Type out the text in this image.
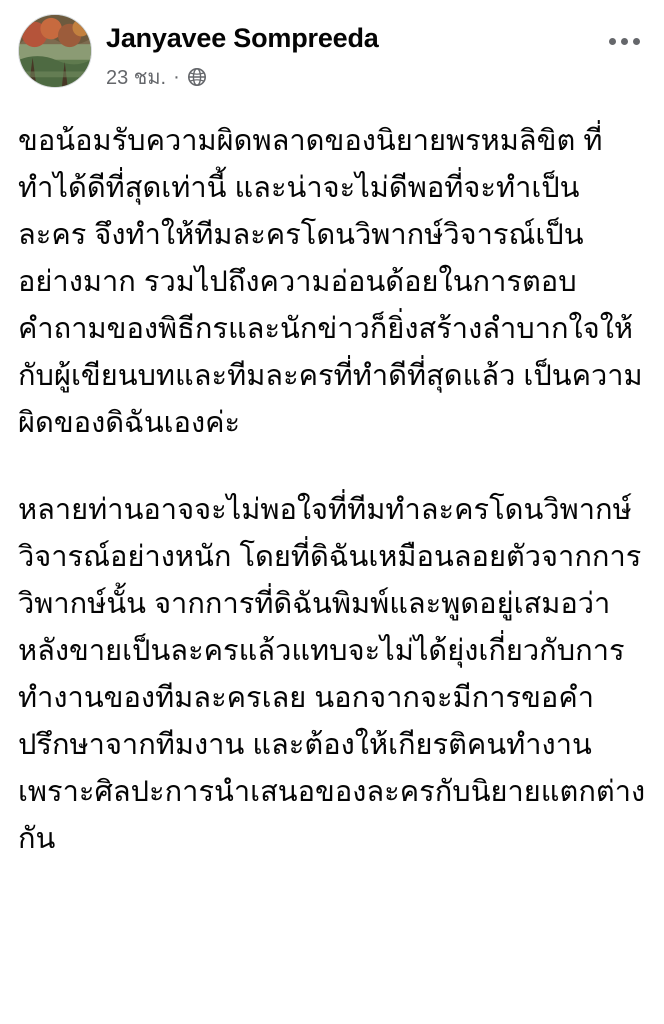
Janyavee Sompreeda
23 ชม. ·

ขอน้อมรับความผิดพลาดของนิยายพรหมลิขิต ที่ทำได้ดีที่สุดเท่านี้ และน่าจะไม่ดีพอที่จะทำเป็นละคร จึงทำให้ทีมละครโดนวิพากษ์วิจารณ์เป็นอย่างมาก รวมไปถึงความอ่อนด้อยในการตอบคำถามของพิธีกรและนักข่าวก็ยิ่งสร้างลำบากใจให้กับผู้เขียนบทและทีมละครที่ทำดีที่สุดแล้ว เป็นความผิดของดิฉันเองค่ะ

หลายท่านอาจจะไม่พอใจที่ทีมทำละครโดนวิพากษ์วิจารณ์อย่างหนัก โดยที่ดิฉันเหมือนลอยตัวจากการวิพากษ์นั้น จากการที่ดิฉันพิมพ์และพูดอยู่เสมอว่า หลังขายเป็นละครแล้วแทบจะไม่ได้ยุ่งเกี่ยวกับการทำงานของทีมละครเลย นอกจากจะมีการขอคำปรึกษาจากทีมงาน และต้องให้เกียรติคนทำงาน เพราะศิลปะการนำเสนอของละครกับนิยายแตกต่างกัน
